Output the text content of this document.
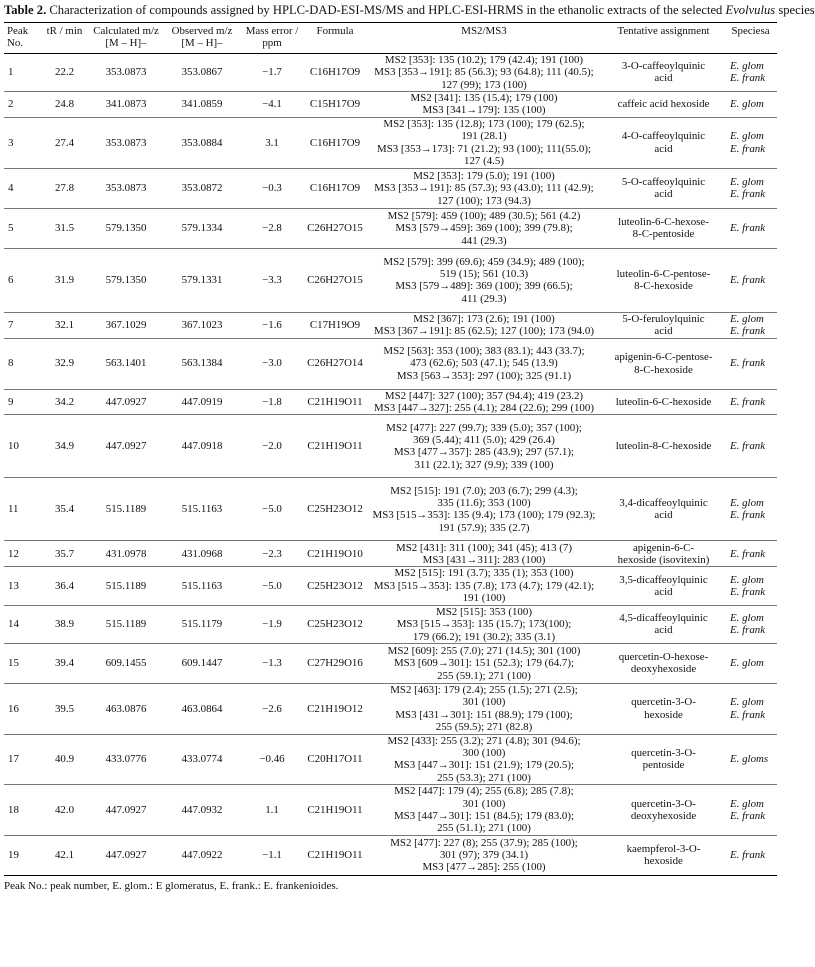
Table 2. Characterization of compounds assigned by HPLC-DAD-ESI-MS/MS and HPLC-ESI-HRMS in the ethanolic extracts of the selected Evolvulus species
Peak No.	tR / min	Calculated m/z [M – H]–	Observed m/z [M – H]–	Mass error / ppm	Formula	MS2/MS3	Tentative assignment	Speciesa
1	22.2	353.0873	353.0867	−1.7	C16H17O9	MS2 [353]: 135 (10.2); 179 (42.4); 191 (100)
MS3 [353→191]: 85 (56.3); 93 (64.8); 111 (40.5);
127 (99); 173 (100)	3-O-caffeoylquinic
acid	E. glom
E. frank
2	24.8	341.0873	341.0859	−4.1	C15H17O9	MS2 [341]: 135 (15.4); 179 (100)
MS3 [341→179]: 135 (100)	caffeic acid hexoside	E. glom
3	27.4	353.0873	353.0884	3.1	C16H17O9	MS2 [353]: 135 (12.8); 173 (100); 179 (62.5);
191 (28.1)
MS3 [353→173]: 71 (21.2); 93 (100); 111(55.0);
127 (4.5)	4-O-caffeoylquinic
acid	E. glom
E. frank
4	27.8	353.0873	353.0872	−0.3	C16H17O9	MS2 [353]: 179 (5.0); 191 (100)
MS3 [353→191]: 85 (57.3); 93 (43.0); 111 (42.9);
127 (100); 173 (94.3)	5-O-caffeoylquinic
acid	E. glom
E. frank
5	31.5	579.1350	579.1334	−2.8	C26H27O15	MS2 [579]: 459 (100); 489 (30.5); 561 (4.2)
MS3 [579→459]: 369 (100); 399 (79.8);
441 (29.3)	luteolin-6-C-hexose-
8-C-pentoside	E. frank
6	31.9	579.1350	579.1331	−3.3	C26H27O15	MS2 [579]: 399 (69.6); 459 (34.9); 489 (100);
519 (15); 561 (10.3)
MS3 [579→489]: 369 (100); 399 (66.5);
411 (29.3)	luteolin-6-C-pentose-
8-C-hexoside	E. frank
7	32.1	367.1029	367.1023	−1.6	C17H19O9	MS2 [367]: 173 (2.6); 191 (100)
MS3 [367→191]: 85 (62.5); 127 (100); 173 (94.0)	5-O-feruloylquinic
acid	E. glom
E. frank
8	32.9	563.1401	563.1384	−3.0	C26H27O14	MS2 [563]: 353 (100); 383 (83.1); 443 (33.7);
473 (62.6); 503 (47.1); 545 (13.9)
MS3 [563→353]: 297 (100); 325 (91.1)	apigenin-6-C-pentose-
8-C-hexoside	E. frank
9	34.2	447.0927	447.0919	−1.8	C21H19O11	MS2 [447]: 327 (100); 357 (94.4); 419 (23.2)
MS3 [447→327]: 255 (4.1); 284 (22.6); 299 (100)	luteolin-6-C-hexoside	E. frank
10	34.9	447.0927	447.0918	−2.0	C21H19O11	MS2 [477]: 227 (99.7); 339 (5.0); 357 (100);
369 (5.44); 411 (5.0); 429 (26.4)
MS3 [477→357]: 285 (43.9); 297 (57.1);
311 (22.1); 327 (9.9); 339 (100)	luteolin-8-C-hexoside	E. frank
11	35.4	515.1189	515.1163	−5.0	C25H23O12	MS2 [515]: 191 (7.0); 203 (6.7); 299 (4.3);
335 (11.6); 353 (100)
MS3 [515→353]: 135 (9.4); 173 (100); 179 (92.3);
191 (57.9); 335 (2.7)	3,4-dicaffeoylquinic
acid	E. glom
E. frank
12	35.7	431.0978	431.0968	−2.3	C21H19O10	MS2 [431]: 311 (100); 341 (45); 413 (7)
MS3 [431→311]: 283 (100)	apigenin-6-C-
hexoside (isovitexin)	E. frank
13	36.4	515.1189	515.1163	−5.0	C25H23O12	MS2 [515]: 191 (3.7); 335 (1); 353 (100)
MS3 [515→353]: 135 (7.8); 173 (4.7); 179 (42.1);
191 (100)	3,5-dicaffeoylquinic
acid	E. glom
E. frank
14	38.9	515.1189	515.1179	−1.9	C25H23O12	MS2 [515]: 353 (100)
MS3 [515→353]: 135 (15.7); 173(100);
179 (66.2); 191 (30.2); 335 (3.1)	4,5-dicaffeoylquinic
acid	E. glom
E. frank
15	39.4	609.1455	609.1447	−1.3	C27H29O16	MS2 [609]: 255 (7.0); 271 (14.5); 301 (100)
MS3 [609→301]: 151 (52.3); 179 (64.7);
255 (59.1); 271 (100)	quercetin-O-hexose-
deoxyhexoside	E. glom
16	39.5	463.0876	463.0864	−2.6	C21H19O12	MS2 [463]: 179 (2.4); 255 (1.5); 271 (2.5);
301 (100)
MS3 [431→301]: 151 (88.9); 179 (100);
255 (59.5); 271 (82.8)	quercetin-3-O-
hexoside	E. glom
E. frank
17	40.9	433.0776	433.0774	−0.46	C20H17O11	MS2 [433]: 255 (3.2); 271 (4.8); 301 (94.6);
300 (100)
MS3 [447→301]: 151 (21.9); 179 (20.5);
255 (53.3); 271 (100)	quercetin-3-O-
pentoside	E. gloms
18	42.0	447.0927	447.0932	1.1	C21H19O11	MS2 [447]: 179 (4); 255 (6.8); 285 (7.8);
301 (100)
MS3 [447→301]: 151 (84.5); 179 (83.0);
255 (51.1); 271 (100)	quercetin-3-O-
deoxyhexoside	E. glom
E. frank
19	42.1	447.0927	447.0922	−1.1	C21H19O11	MS2 [477]: 227 (8); 255 (37.9); 285 (100);
301 (97); 379 (34.1)
MS3 [477→285]: 255 (100)	kaempferol-3-O-
hexoside	E. frank
Peak No.: peak number, E. glom.: E glomeratus, E. frank.: E. frankenioides.
